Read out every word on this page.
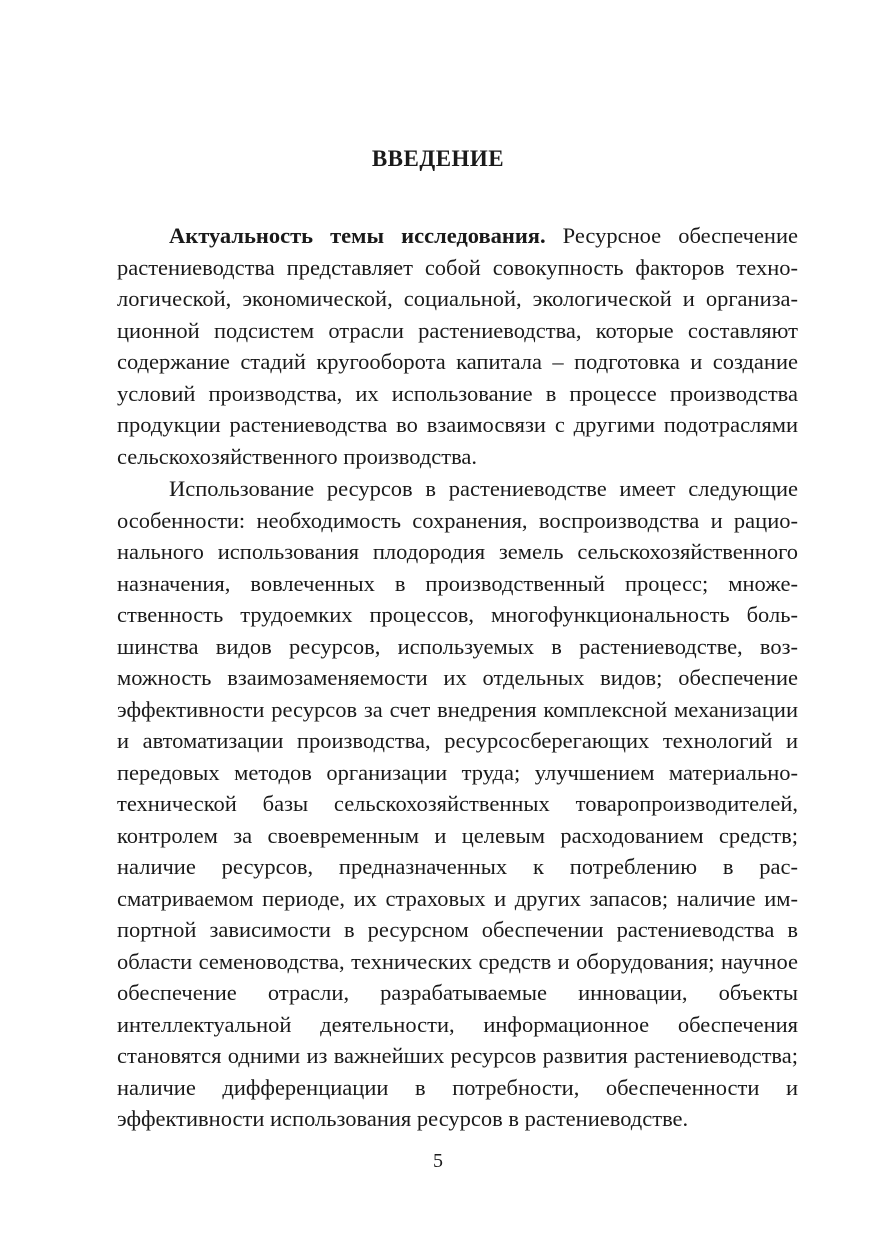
ВВЕДЕНИЕ

Актуальность темы исследования. Ресурсное обеспечение растениеводства представляет собой совокупность факторов технологической, экономической, социальной, экологической и организационной подсистем отрасли растениеводства, которые составляют содержание стадий кругооборота капитала – подготовка и создание условий производства, их использование в процессе производства продукции растениеводства во взаимосвязи с другими подотраслями сельскохозяйственного производства.

Использование ресурсов в растениеводстве имеет следующие особенности: необходимость сохранения, воспроизводства и рационального использования плодородия земель сельскохозяйственного назначения, вовлеченных в производственный процесс; множественность трудоемких процессов, многофункциональность большинства видов ресурсов, используемых в растениеводстве, возможность взаимозаменяемости их отдельных видов; обеспечение эффективности ресурсов за счет внедрения комплексной механизации и автоматизации производства, ресурсосберегающих технологий и передовых методов организации труда; улучшением материально-технической базы сельскохозяйственных товаропроизводителей, контролем за своевременным и целевым расходованием средств; наличие ресурсов, предназначенных к потреблению в рассматриваемом периоде, их страховых и других запасов; наличие импортной зависимости в ресурсном обеспечении растениеводства в области семеноводства, технических средств и оборудования; научное обеспечение отрасли, разрабатываемые инновации, объекты интеллектуальной деятельности, информационное обеспечения становятся одними из важнейших ресурсов развития растениеводства; наличие дифференциации в потребности, обеспеченности и эффективности использования ресурсов в растениеводстве.

5
